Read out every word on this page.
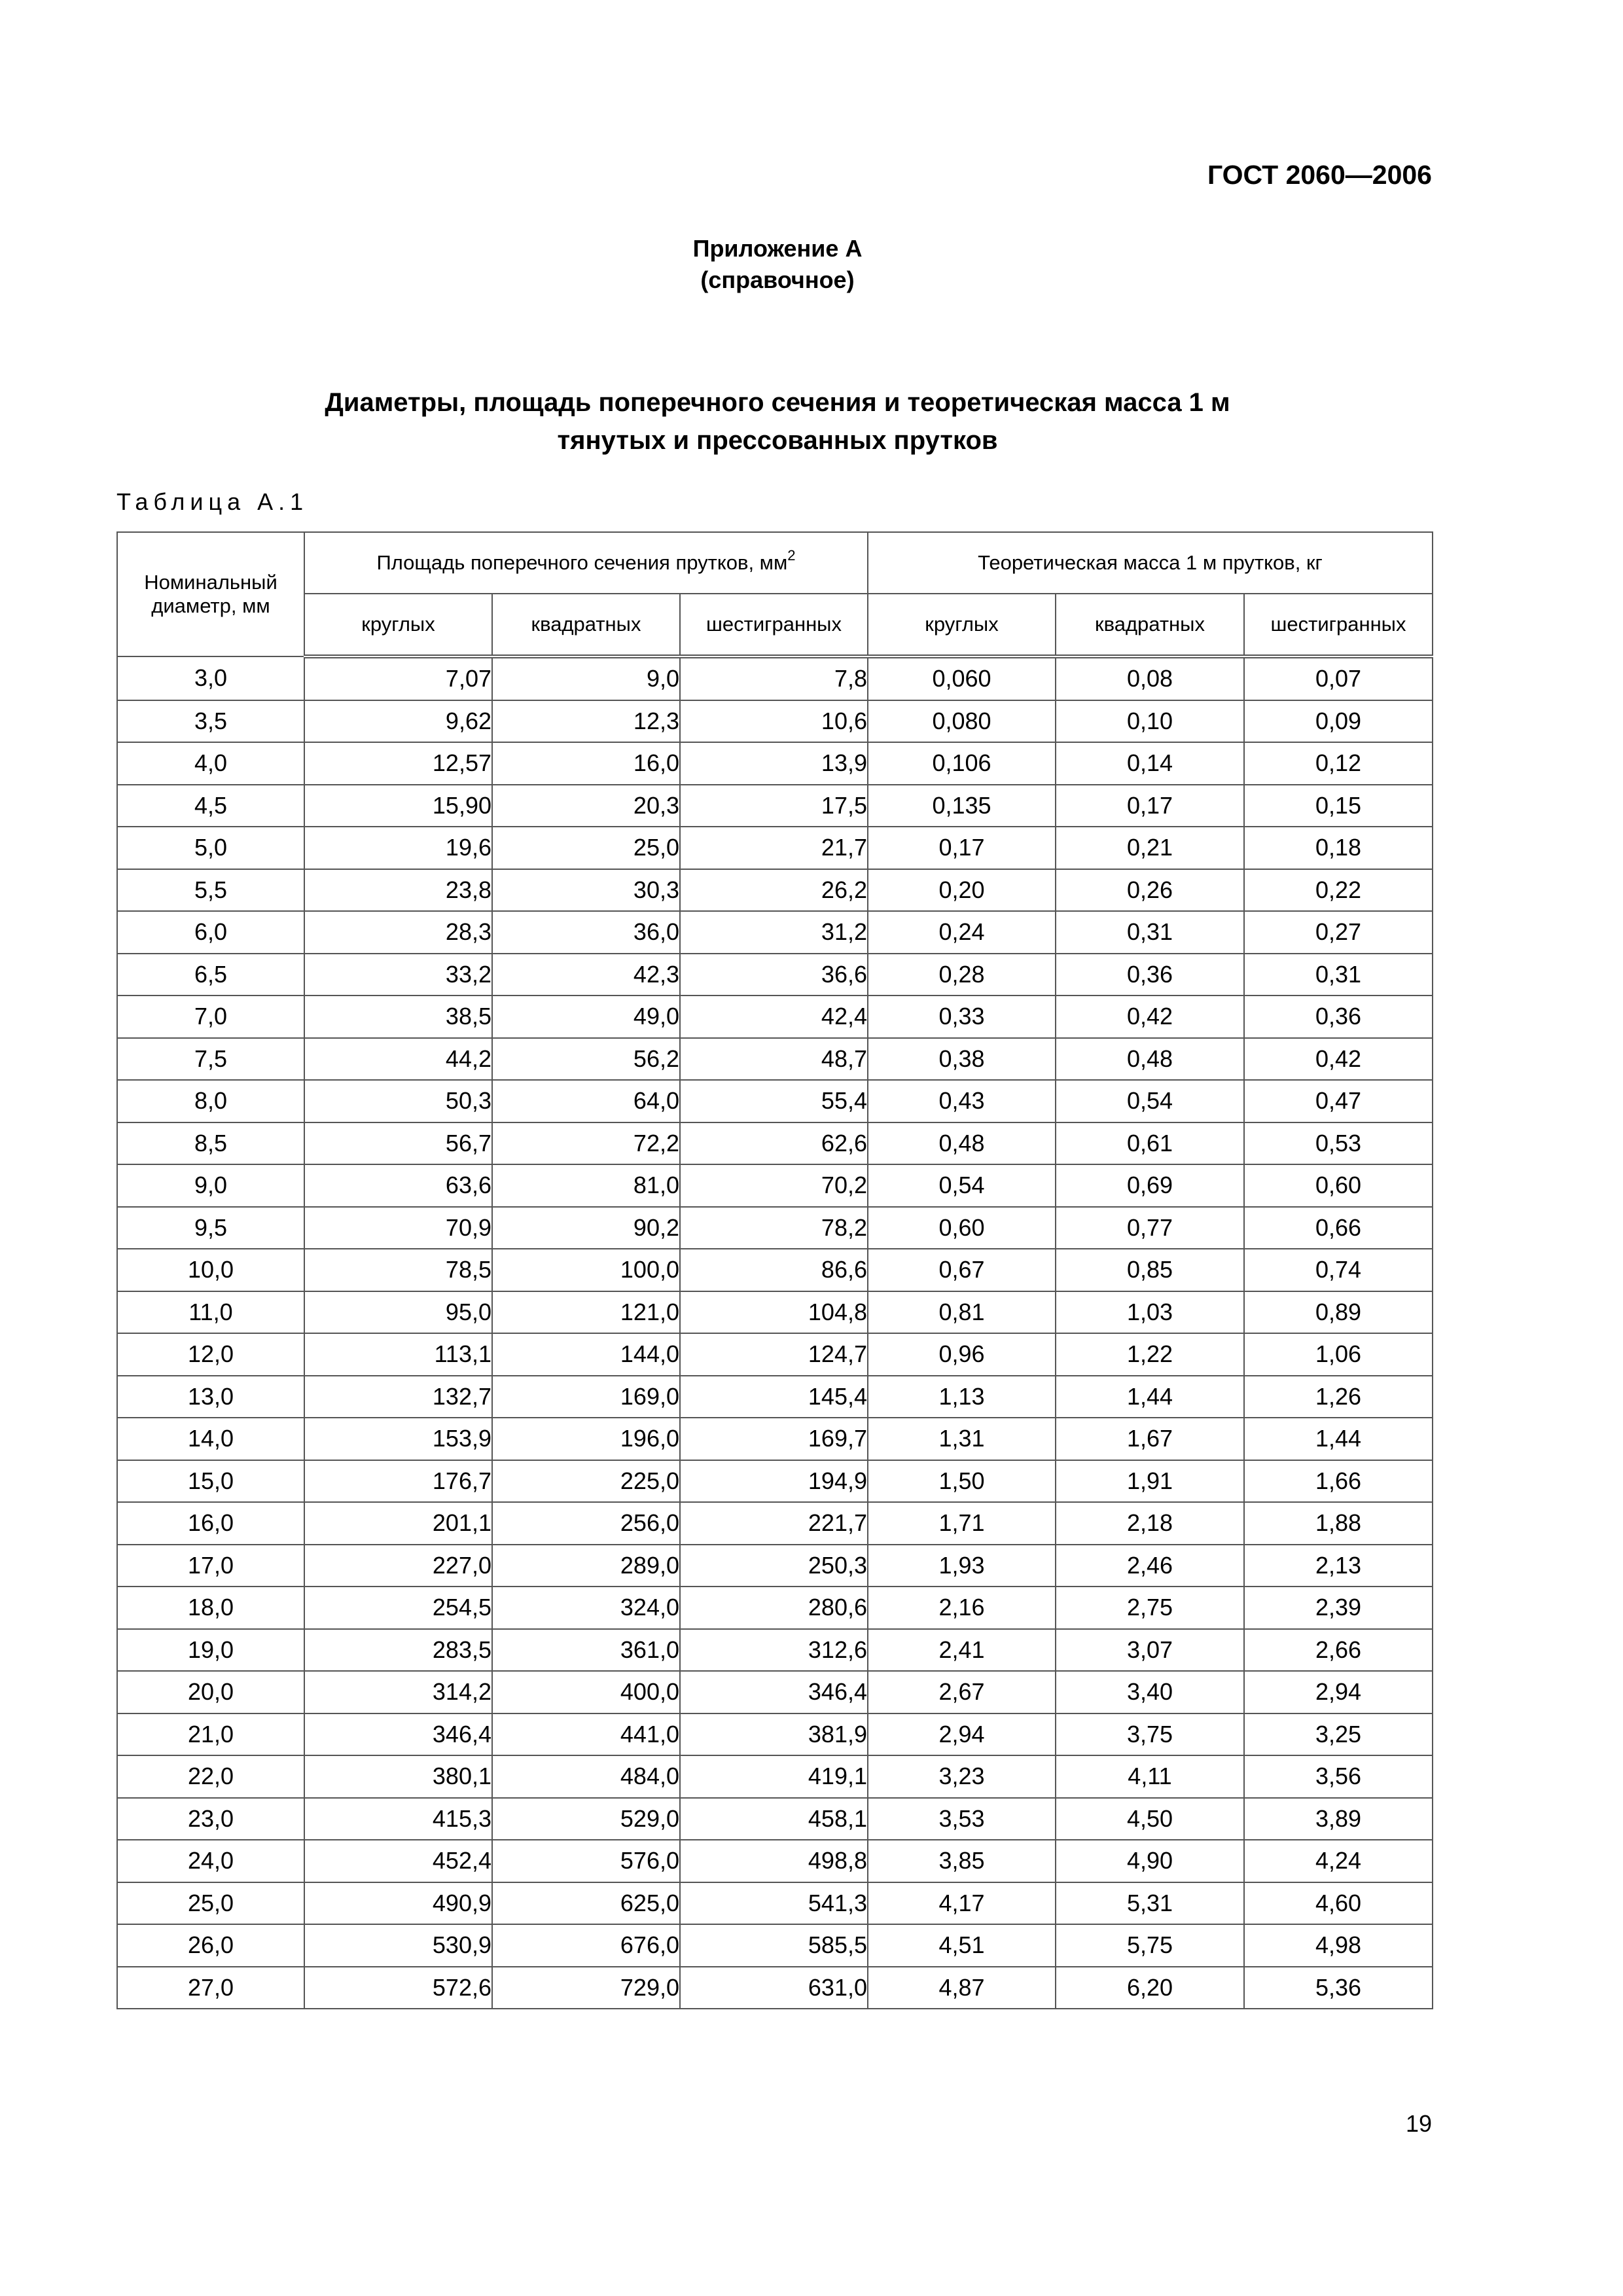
ГОСТ 2060—2006
Приложение А
(справочное)
Диаметры, площадь поперечного сечения и теоретическая масса 1 м
тянутых и прессованных прутков
Таблица А.1
Номинальный диаметр, мм	Площадь поперечного сечения прутков, $мм^2$			Теоретическая масса 1 м прутков, кг		
	круглых	квадратных	шестигранных	круглых	квадратных	шестигранных
3,0	7,07	9,0	7,8	0,060	0,08	0,07
3,5	9,62	12,3	10,6	0,080	0,10	0,09
4,0	12,57	16,0	13,9	0,106	0,14	0,12
4,5	15,90	20,3	17,5	0,135	0,17	0,15
5,0	19,6	25,0	21,7	0,17	0,21	0,18
5,5	23,8	30,3	26,2	0,20	0,26	0,22
6,0	28,3	36,0	31,2	0,24	0,31	0,27
6,5	33,2	42,3	36,6	0,28	0,36	0,31
7,0	38,5	49,0	42,4	0,33	0,42	0,36
7,5	44,2	56,2	48,7	0,38	0,48	0,42
8,0	50,3	64,0	55,4	0,43	0,54	0,47
8,5	56,7	72,2	62,6	0,48	0,61	0,53
9,0	63,6	81,0	70,2	0,54	0,69	0,60
9,5	70,9	90,2	78,2	0,60	0,77	0,66
10,0	78,5	100,0	86,6	0,67	0,85	0,74
11,0	95,0	121,0	104,8	0,81	1,03	0,89
12,0	113,1	144,0	124,7	0,96	1,22	1,06
13,0	132,7	169,0	145,4	1,13	1,44	1,26
14,0	153,9	196,0	169,7	1,31	1,67	1,44
15,0	176,7	225,0	194,9	1,50	1,91	1,66
16,0	201,1	256,0	221,7	1,71	2,18	1,88
17,0	227,0	289,0	250,3	1,93	2,46	2,13
18,0	254,5	324,0	280,6	2,16	2,75	2,39
19,0	283,5	361,0	312,6	2,41	3,07	2,66
20,0	314,2	400,0	346,4	2,67	3,40	2,94
21,0	346,4	441,0	381,9	2,94	3,75	3,25
22,0	380,1	484,0	419,1	3,23	4,11	3,56
23,0	415,3	529,0	458,1	3,53	4,50	3,89
24,0	452,4	576,0	498,8	3,85	4,90	4,24
25,0	490,9	625,0	541,3	4,17	5,31	4,60
26,0	530,9	676,0	585,5	4,51	5,75	4,98
27,0	572,6	729,0	631,0	4,87	6,20	5,36
19
